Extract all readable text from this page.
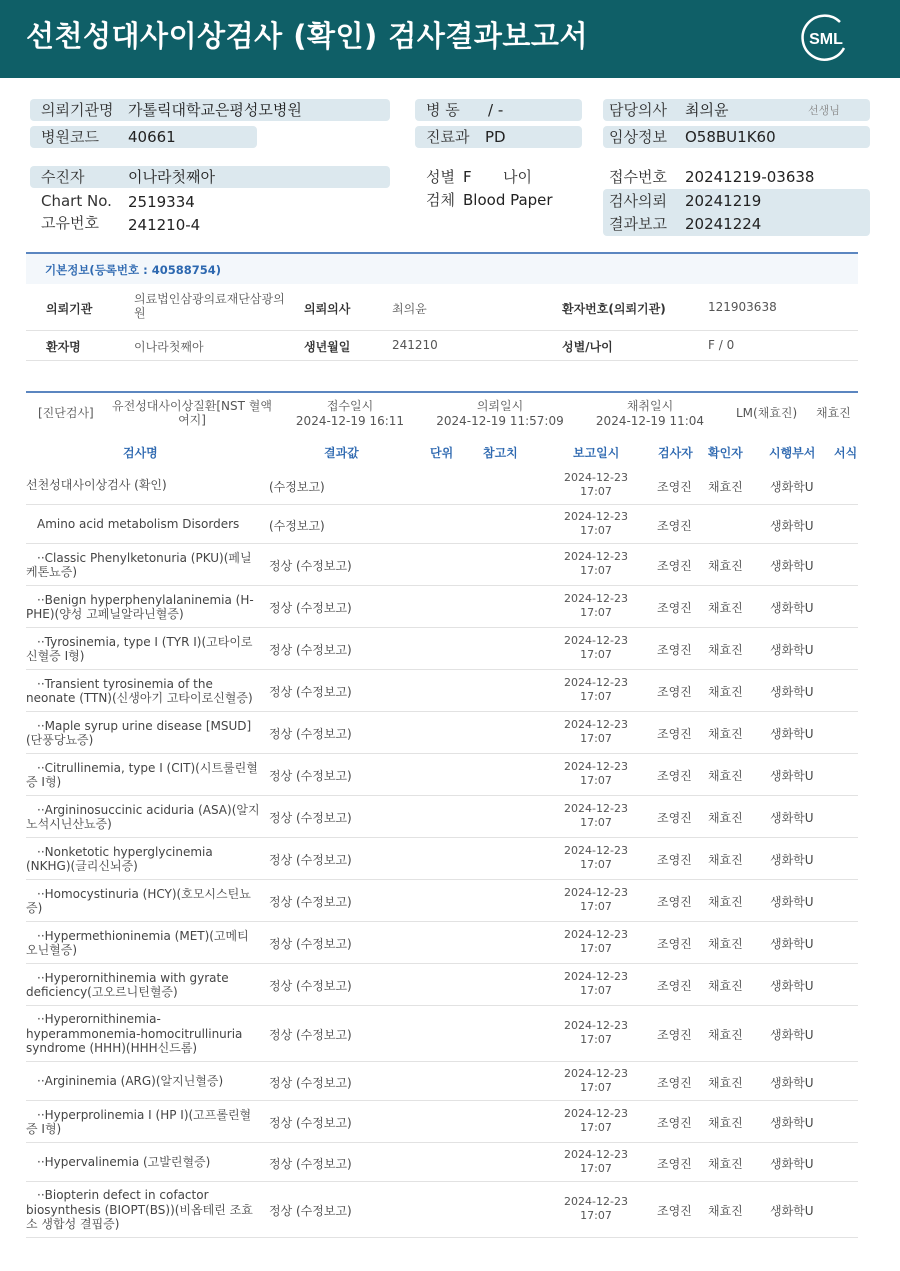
선천성대사이상검사 (확인) 검사결과보고서	SML
의뢰기관명 가톨릭대학교은평성모병원
병원코드 40661
병 동 / -
진료과 PD
담당의사 최의윤	선생님
임상정보 O58BU1K60
수진자	이나라첫째아
Chart No. 2519334
고유번호 241210-4
성별 F 나이
검체 Blood Paper
접수번호 20241219-03638
검사의뢰 20241219
결과보고 20241224
기본정보(등록번호 : 40588754)
의뢰기관
의료법인삼광의료재단삼광의원	의뢰의사	최의윤	환자번호(의뢰기관)	121903638
환자명	이나라첫째아	생년월일	241210	성별/나이	F / 0
[진단검사] 유전성대사이상질환[NST 혈액여지]
접수일시
2024-12-19 16:11
의뢰일시
2024-12-19 11:57:09
채취일시
2024-12-19 11:04
LM(채효진) 채효진
검사명	결과값	단위 참고치	보고일시	검사자 확인자 시행부서 서식
선천성대사이상검사 (확인)	(수정보고)
2024-12-23
17:07	조영진 채효진 생화학U
Amino acid metabolism Disorders	(수정보고)
2024-12-23
17:07	조영진	생화학U
··Classic Phenylketonuria (PKU)(페닐케톤뇨증)	정상 (수정보고)
2024-12-23
17:07	조영진 채효진 생화학U
··Benign hyperphenylalaninemia (H-PHE)(양성 고페닐알라닌혈증)	정상 (수정보고)
2024-12-23
17:07	조영진 채효진 생화학U
··Tyrosinemia, type I (TYR I)(고타이로신혈증 I형)	정상 (수정보고)
2024-12-23
17:07	조영진 채효진 생화학U
··Transient tyrosinemia of the neonate (TTN)(신생아기 고타이로신혈증)	정상 (수정보고)
2024-12-23
17:07	조영진 채효진 생화학U
··Maple syrup urine disease [MSUD](단풍당뇨증)	정상 (수정보고)
2024-12-23
17:07	조영진 채효진 생화학U
··Citrullinemia, type I (CIT)(시트룰린혈증 I형)	정상 (수정보고)
2024-12-23
17:07	조영진 채효진 생화학U
··Argininosuccinic aciduria (ASA)(알지노석시닌산뇨증)	정상 (수정보고)
2024-12-23
17:07	조영진 채효진 생화학U
··Nonketotic hyperglycinemia (NKHG)(글리신뇌증)	정상 (수정보고)
2024-12-23
17:07	조영진 채효진 생화학U
··Homocystinuria (HCY)(호모시스틴뇨증)	정상 (수정보고)
2024-12-23
17:07	조영진 채효진 생화학U
··Hypermethioninemia (MET)(고메티오닌혈증)	정상 (수정보고)
2024-12-23
17:07	조영진 채효진 생화학U
··Hyperornithinemia with gyrate deficiency(고오르니틴혈증)	정상 (수정보고)
2024-12-23
17:07	조영진 채효진 생화학U
··Hyperornithinemia-hyperammonemia-homocitrullinuria syndrome (HHH)(HHH신드롬)
정상 (수정보고)
2024-12-23
17:07	조영진 채효진 생화학U
··Argininemia (ARG)(알지닌혈증)	정상 (수정보고)
2024-12-23
17:07	조영진 채효진 생화학U
··Hyperprolinemia I (HP I)(고프롤린혈증 I형)	정상 (수정보고)
2024-12-23
17:07	조영진 채효진 생화학U
··Hypervalinemia (고발린혈증)	정상 (수정보고)
2024-12-23
17:07	조영진 채효진 생화학U
··Biopterin defect in cofactor biosynthesis (BIOPT(BS))(비옵테린 조효소 생합성 결핍증)
정상 (수정보고)
2024-12-23
17:07	조영진 채효진 생화학U
